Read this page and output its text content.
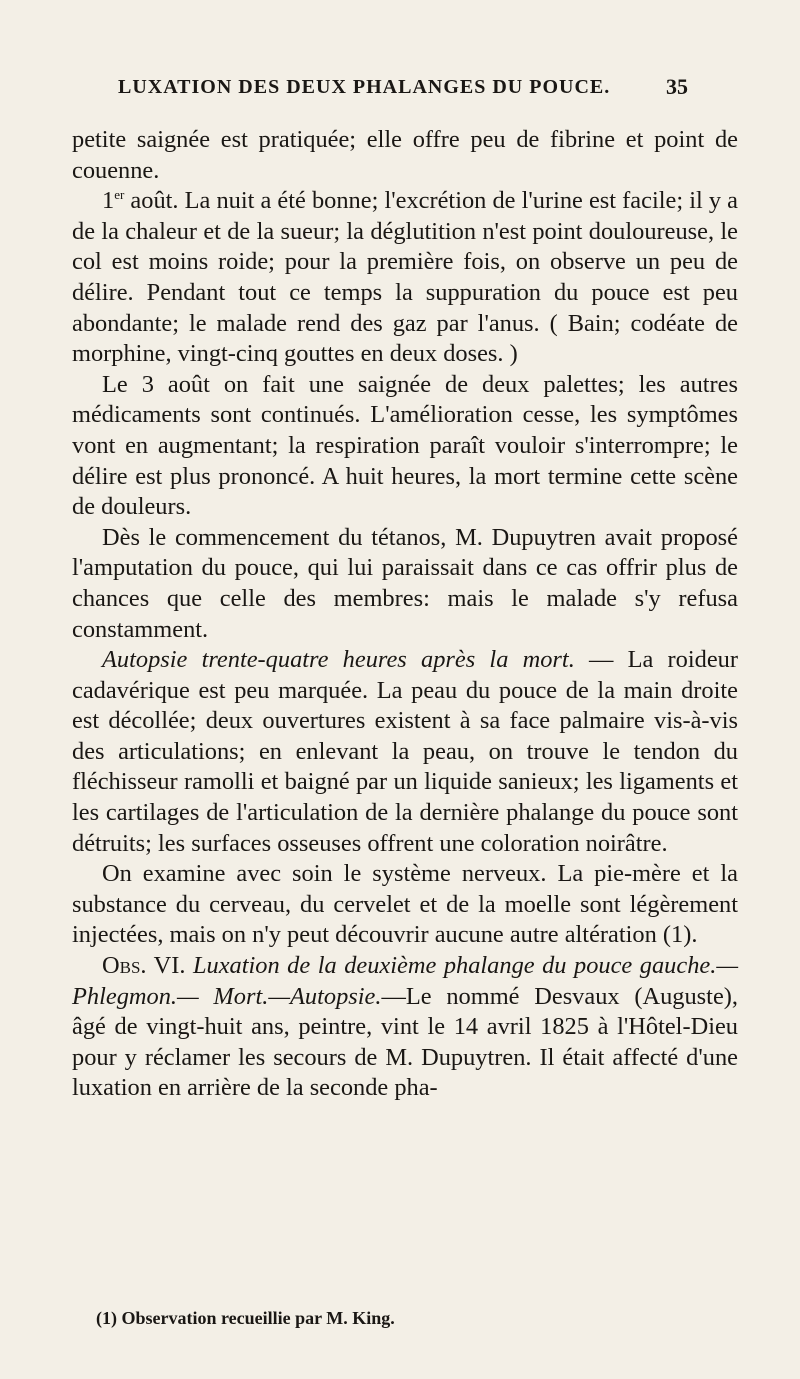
LUXATION DES DEUX PHALANGES DU POUCE.	35

petite saignée est pratiquée; elle offre peu de fibrine et point de couenne.

1er août. La nuit a été bonne; l'excrétion de l'urine est facile; il y a de la chaleur et de la sueur; la déglutition n'est point douloureuse, le col est moins roide; pour la première fois, on observe un peu de délire. Pendant tout ce temps la suppuration du pouce est peu abondante; le malade rend des gaz par l'anus. ( Bain; codéate de morphine, vingt-cinq gouttes en deux doses. )

Le 3 août on fait une saignée de deux palettes; les autres médicaments sont continués. L'amélioration cesse, les symptômes vont en augmentant; la respiration paraît vouloir s'interrompre; le délire est plus prononcé. A huit heures, la mort termine cette scène de douleurs.

Dès le commencement du tétanos, M. Dupuytren avait proposé l'amputation du pouce, qui lui paraissait dans ce cas offrir plus de chances que celle des membres: mais le malade s'y refusa constamment.

Autopsie trente-quatre heures après la mort. — La roideur cadavérique est peu marquée. La peau du pouce de la main droite est décollée; deux ouvertures existent à sa face palmaire vis-à-vis des articulations; en enlevant la peau, on trouve le tendon du fléchisseur ramolli et baigné par un liquide sanieux; les ligaments et les cartilages de l'articulation de la dernière phalange du pouce sont détruits; les surfaces osseuses offrent une coloration noirâtre.

On examine avec soin le système nerveux. La pie-mère et la substance du cerveau, du cervelet et de la moelle sont légèrement injectées, mais on n'y peut découvrir aucune autre altération (1).

Obs. VI. Luxation de la deuxième phalange du pouce gauche.—Phlegmon.— Mort.—Autopsie.—Le nommé Desvaux (Auguste), âgé de vingt-huit ans, peintre, vint le 14 avril 1825 à l'Hôtel-Dieu pour y réclamer les secours de M. Dupuytren. Il était affecté d'une luxation en arrière de la seconde pha-

(1) Observation recueillie par M. King.
